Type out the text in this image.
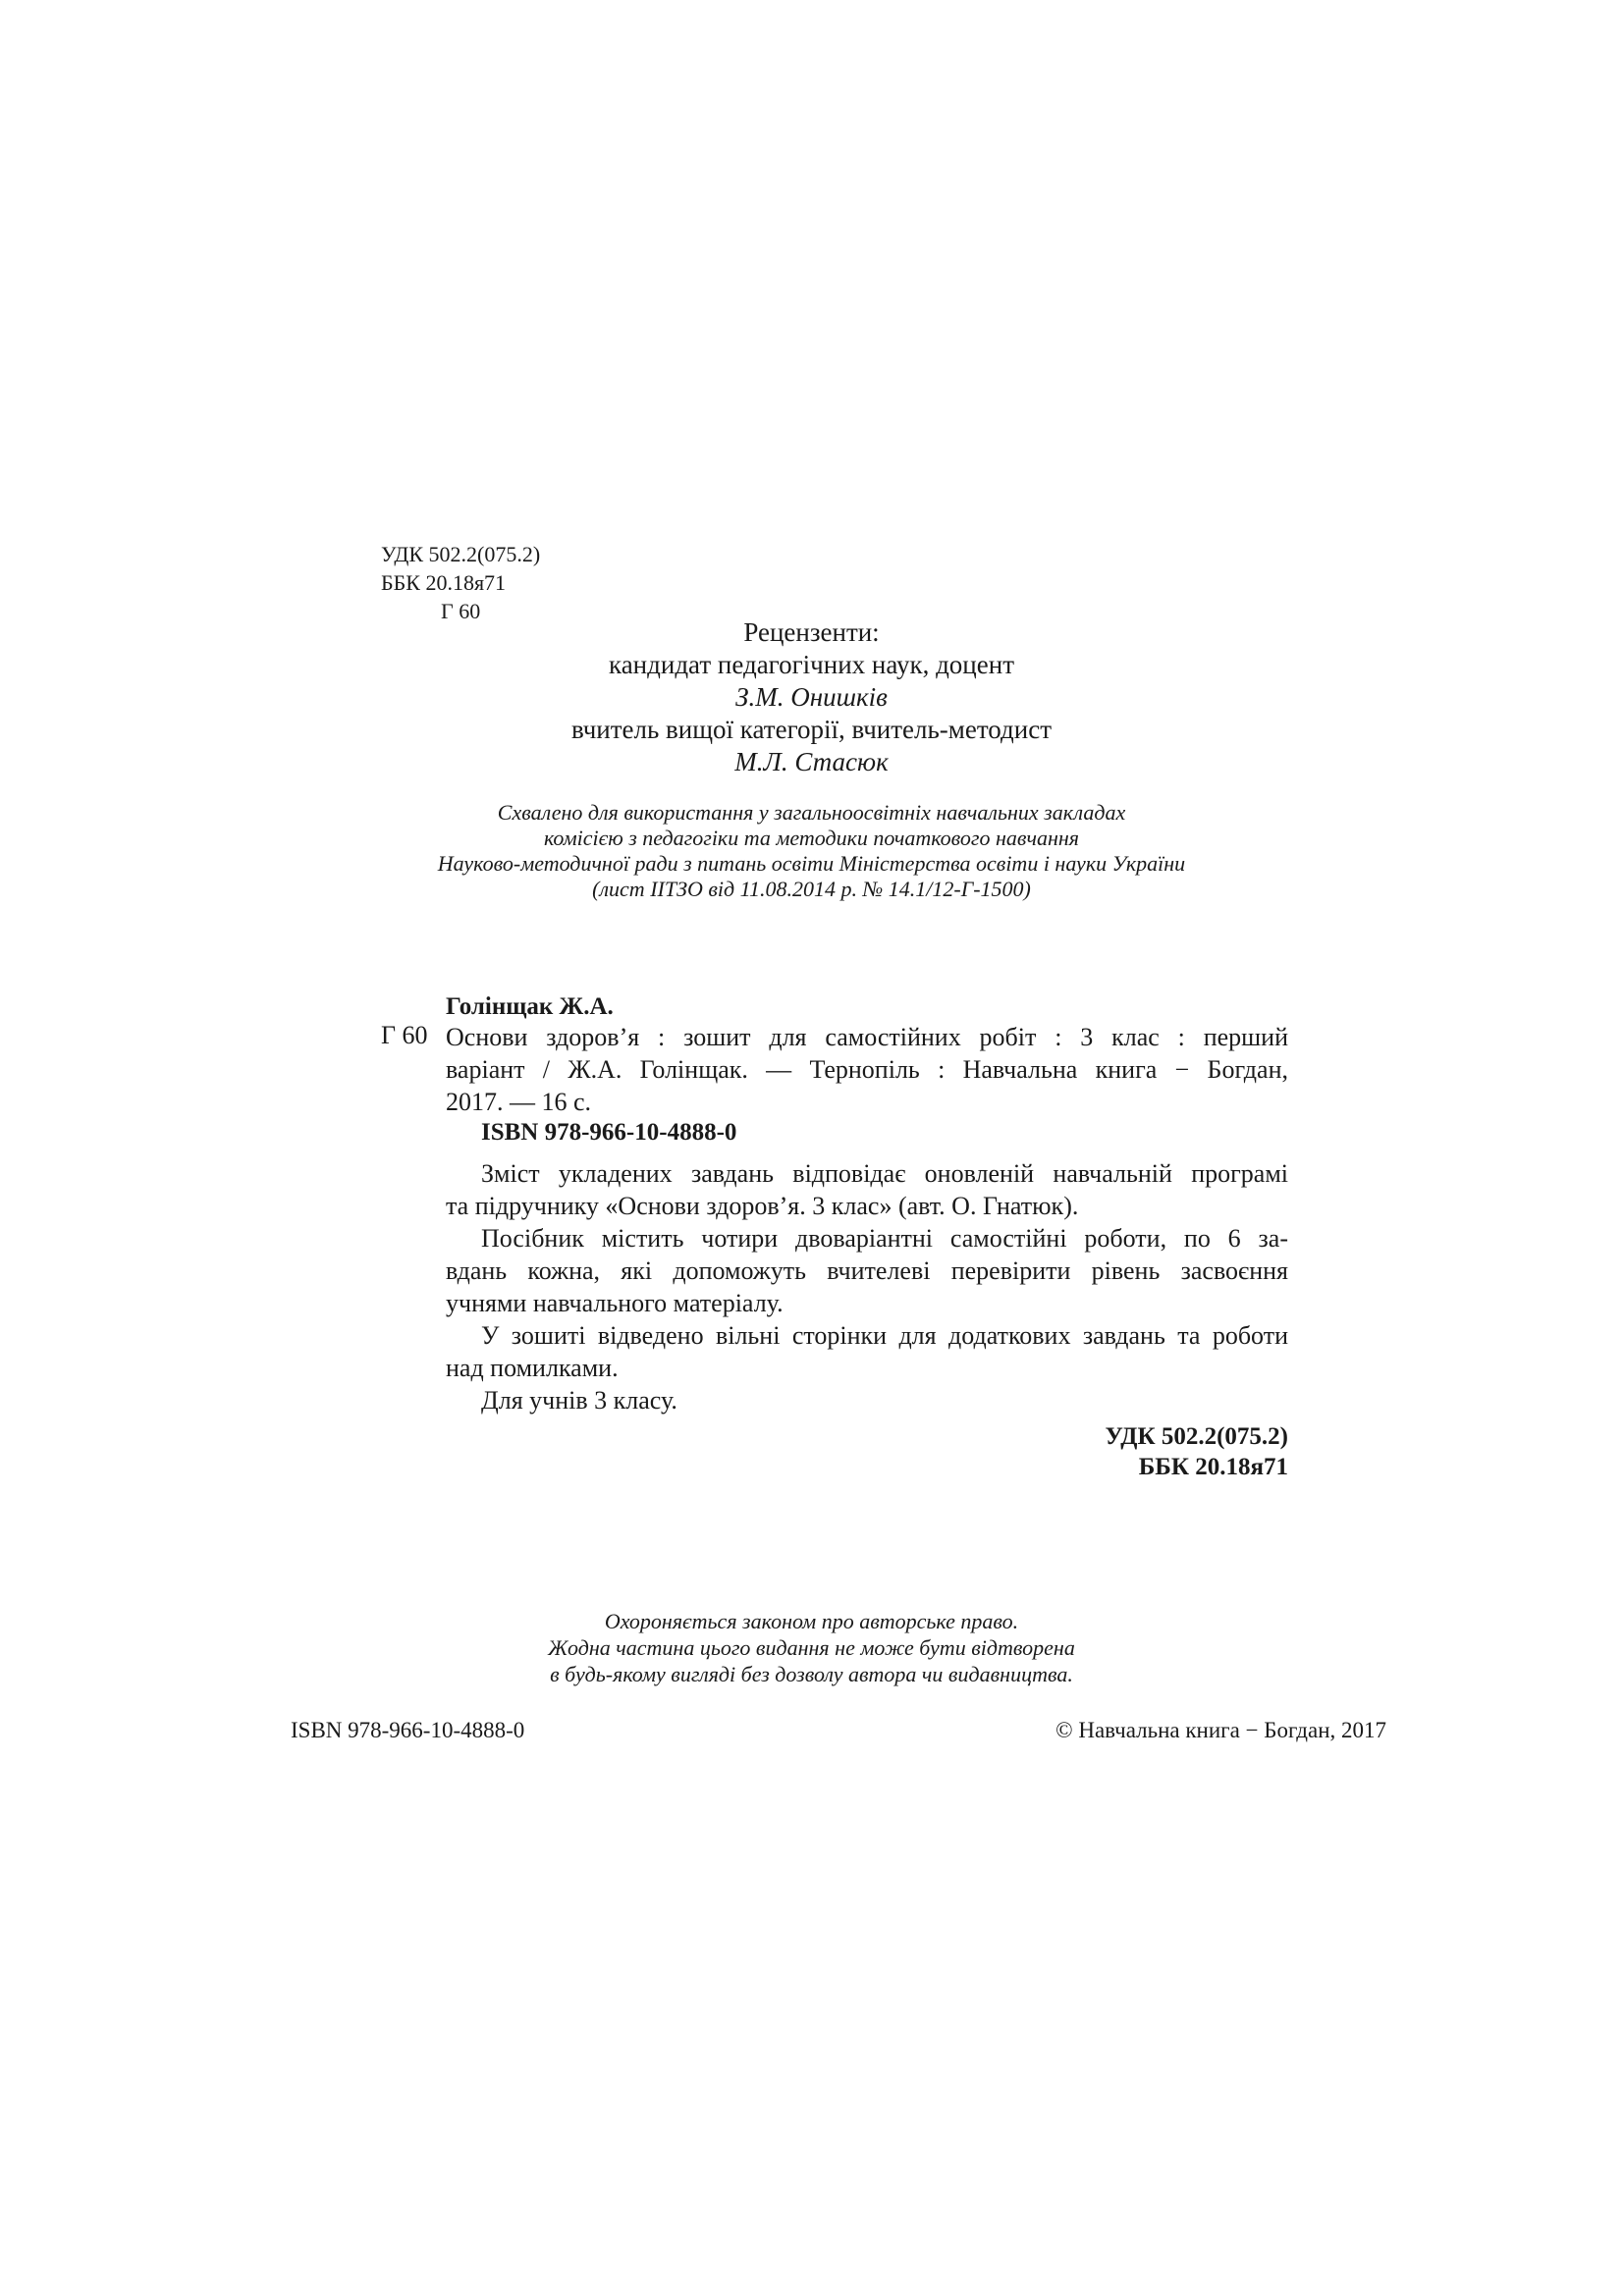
УДК 502.2(075.2)
ББК 20.18я71
Г 60
Рецензенти:
кандидат педагогічних наук, доцент
З.М. Онишків
вчитель вищої категорії, вчитель-методист
М.Л. Стасюк
Схвалено для використання у загальноосвітніх навчальних закладах
комісією з педагогіки та методики початкового навчання
Науково-методичної ради з питань освіти Міністерства освіти і науки України
(лист ІІТЗО від 11.08.2014 р. № 14.1/12-Г-1500)
Голінщак Ж.А.
Г 60 Основи здоров’я : зошит для самостійних робіт : 3 клас : перший
варіант / Ж.А. Голінщак. — Тернопіль : Навчальна книга − Богдан,
2017. — 16 с.
ISBN 978-966-10-4888-0
Зміст укладених завдань відповідає оновленій навчальній програмі
та підручнику «Основи здоров’я. 3 клас» (авт. О. Гнатюк).
Посібник містить чотири двоваріантні самостійні роботи, по 6 за-
вдань кожна, які допоможуть вчителеві перевірити рівень засвоєння
учнями навчального матеріалу.
У зошиті відведено вільні сторінки для додаткових завдань та роботи
над помилками.
Для учнів 3 класу.
УДК 502.2(075.2)
ББК 20.18я71
Охороняється законом про авторське право.
Жодна частина цього видання не може бути відтворена
в будь-якому вигляді без дозволу автора чи видавництва.
ISBN 978-966-10-4888-0	© Навчальна книга − Богдан, 2017
